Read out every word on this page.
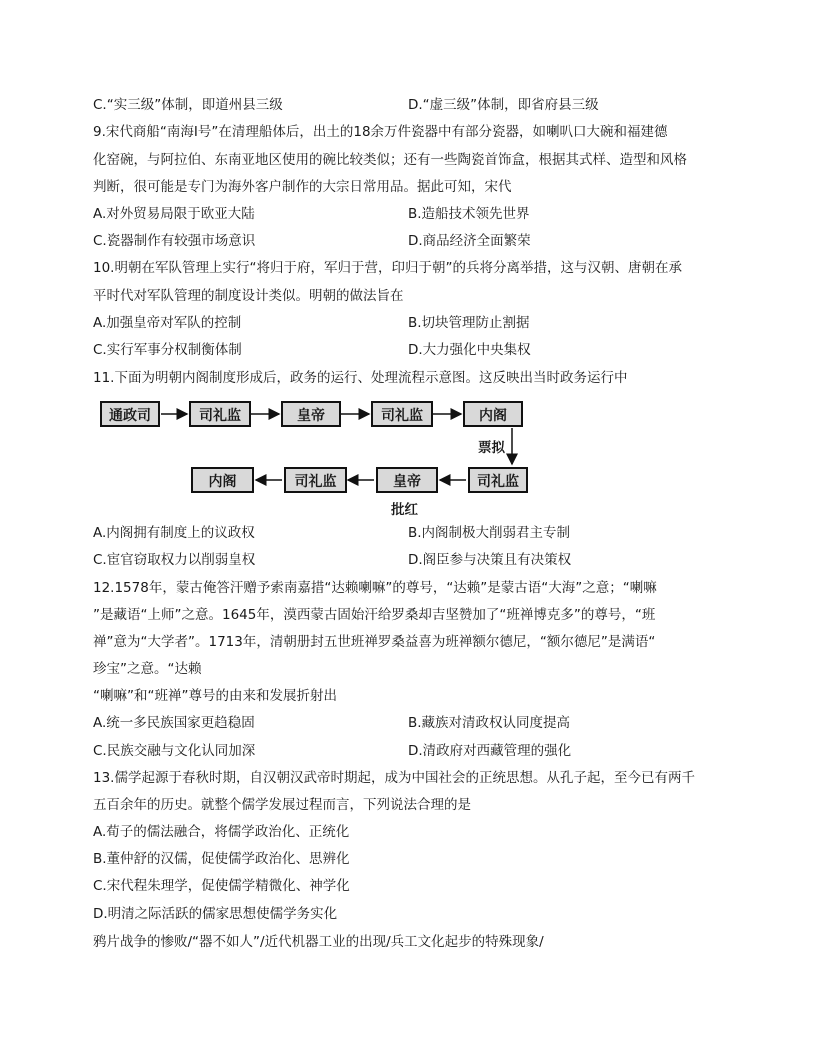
C.“实三级”体制，即道州县三级	D.“虚三级”体制，即省府县三级
9.宋代商船“南海Ⅰ号”在清理船体后，出土的18余万件瓷器中有部分瓷器，如喇叭口大碗和福建德
化窑碗，与阿拉伯、东南亚地区使用的碗比较类似；还有一些陶瓷首饰盒，根据其式样、造型和风格
判断，很可能是专门为海外客户制作的大宗日常用品。据此可知，宋代
A.对外贸易局限于欧亚大陆	B.造船技术领先世界
C.瓷器制作有较强市场意识	D.商品经济全面繁荣
10.明朝在军队管理上实行“将归于府，军归于营，印归于朝”的兵将分离举措，这与汉朝、唐朝在承
平时代对军队管理的制度设计类似。明朝的做法旨在
A.加强皇帝对军队的控制	B.切块管理防止割据
C.实行军事分权制衡体制	D.大力强化中央集权
11.下面为明朝内阁制度形成后，政务的运行、处理流程示意图。这反映出当时政务运行中
通政司	司礼监	皇帝	司礼监	内阁
票拟
内阁	司礼监	皇帝	司礼监
批红
A.内阁拥有制度上的议政权	B.内阁制极大削弱君主专制
C.宦官窃取权力以削弱皇权	D.阁臣参与决策且有决策权
12.1578年，蒙古俺答汗赠予索南嘉措“达赖喇嘛”的尊号，“达赖”是蒙古语“大海”之意；“喇嘛
”是藏语“上师”之意。1645年，漠西蒙古固始汗给罗桑却吉坚赞加了“班禅博克多”的尊号，“班
禅”意为“大学者”。1713年，清朝册封五世班禅罗桑益喜为班禅额尔德尼，“额尔德尼”是满语“
珍宝”之意。“达赖
“喇嘛”和“班禅”尊号的由来和发展折射出
A.统一多民族国家更趋稳固	B.藏族对清政权认同度提高
C.民族交融与文化认同加深	D.清政府对西藏管理的强化
13.儒学起源于春秋时期，自汉朝汉武帝时期起，成为中国社会的正统思想。从孔子起，至今已有两千
五百余年的历史。就整个儒学发展过程而言，下列说法合理的是
A.荀子的儒法融合，将儒学政治化、正统化
B.董仲舒的汉儒，促使儒学政治化、思辨化
C.宋代程朱理学，促使儒学精微化、神学化
D.明清之际活跃的儒家思想使儒学务实化
鸦片战争的惨败/“器不如人”/近代机器工业的出现/兵工文化起步的特殊现象/
